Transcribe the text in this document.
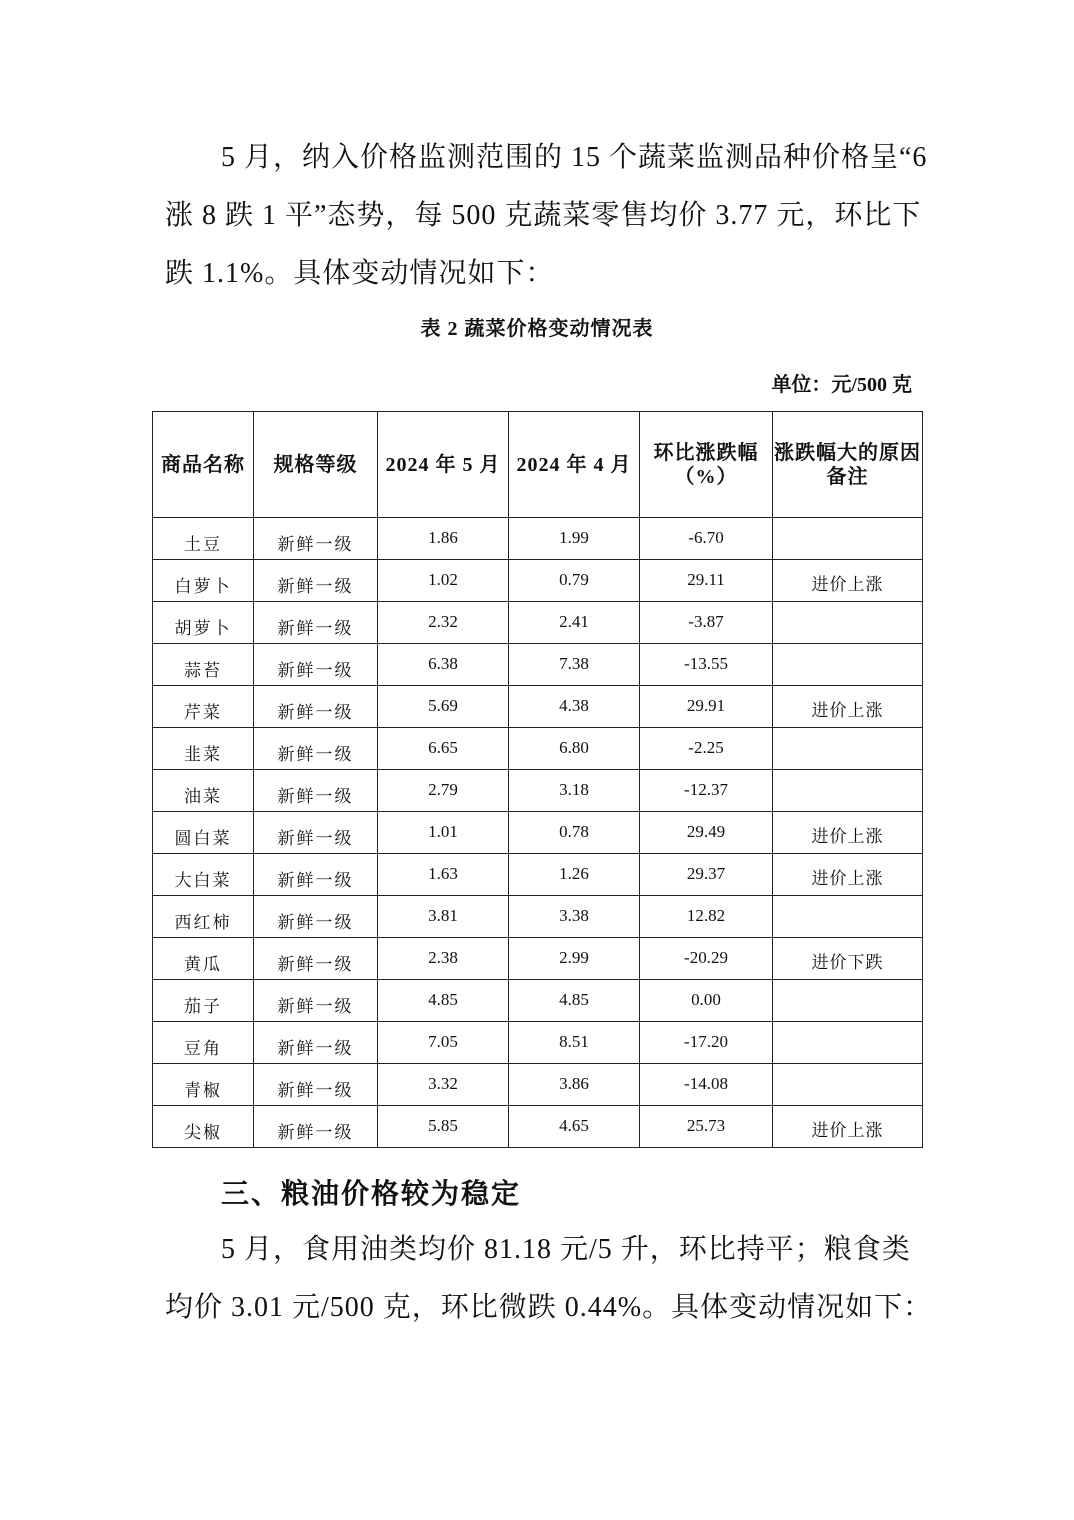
5 月，纳入价格监测范围的 15 个蔬菜监测品种价格呈“6
涨 8 跌 1 平”态势，每 500 克蔬菜零售均价 3.77 元，环比下
跌 1.1%。具体变动情况如下：
表 2 蔬菜价格变动情况表
单位：元/500 克
商品名称	规格等级	2024 年 5 月	2024 年 4 月	环比涨跌幅（%）	涨跌幅大的原因备注
土豆	新鲜一级	1.86	1.99	-6.70	
白萝卜	新鲜一级	1.02	0.79	29.11	进价上涨
胡萝卜	新鲜一级	2.32	2.41	-3.87	
蒜苔	新鲜一级	6.38	7.38	-13.55	
芹菜	新鲜一级	5.69	4.38	29.91	进价上涨
韭菜	新鲜一级	6.65	6.80	-2.25	
油菜	新鲜一级	2.79	3.18	-12.37	
圆白菜	新鲜一级	1.01	0.78	29.49	进价上涨
大白菜	新鲜一级	1.63	1.26	29.37	进价上涨
西红柿	新鲜一级	3.81	3.38	12.82	
黄瓜	新鲜一级	2.38	2.99	-20.29	进价下跌
茄子	新鲜一级	4.85	4.85	0.00	
豆角	新鲜一级	7.05	8.51	-17.20	
青椒	新鲜一级	3.32	3.86	-14.08	
尖椒	新鲜一级	5.85	4.65	25.73	进价上涨
三、粮油价格较为稳定
5 月，食用油类均价 81.18 元/5 升，环比持平；粮食类
均价 3.01 元/500 克，环比微跌 0.44%。具体变动情况如下：
